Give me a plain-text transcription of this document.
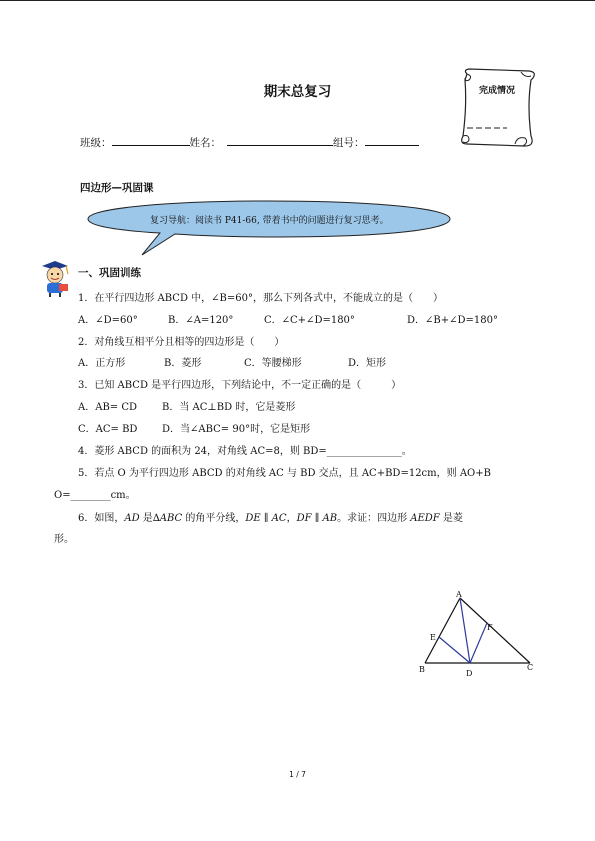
期末总复习	完成情况
班级：	姓名：	组号：
四边形—巩固课
复习导航：阅读书 P41-66, 带着书中的问题进行复习思考。
一、巩固训练
1．在平行四边形 ABCD 中，∠B=60°，那么下列各式中，不能成立的是（　　）
A．∠D=60°	B．∠A=120°	C．∠C+∠D=180°	D．∠B+∠D=180°
2．对角线互相平分且相等的四边形是（　　）
A．正方形	B．菱形	C．等腰梯形	D．矩形
3．已知 ABCD 是平行四边形，下列结论中，不一定正确的是（　　　）
A．AB= CD B．当 AC⊥BD 时，它是菱形
C．AC= BD D．当∠ABC= 90°时，它是矩形
4．菱形 ABCD 的面积为 24，对角线 AC=8，则 BD=_______________。
5．若点 O 为平行四边形 ABCD 的对角线 AC 与 BD 交点，且 AC+BD=12cm，则 AO+B
O=________cm。
6．如图，AD 是∆ABC 的角平分线，DE ∥ AC，DF ∥ AB。求证：四边形 AEDF 是菱
形。
A
B	C
D
E
F
1 / 7
